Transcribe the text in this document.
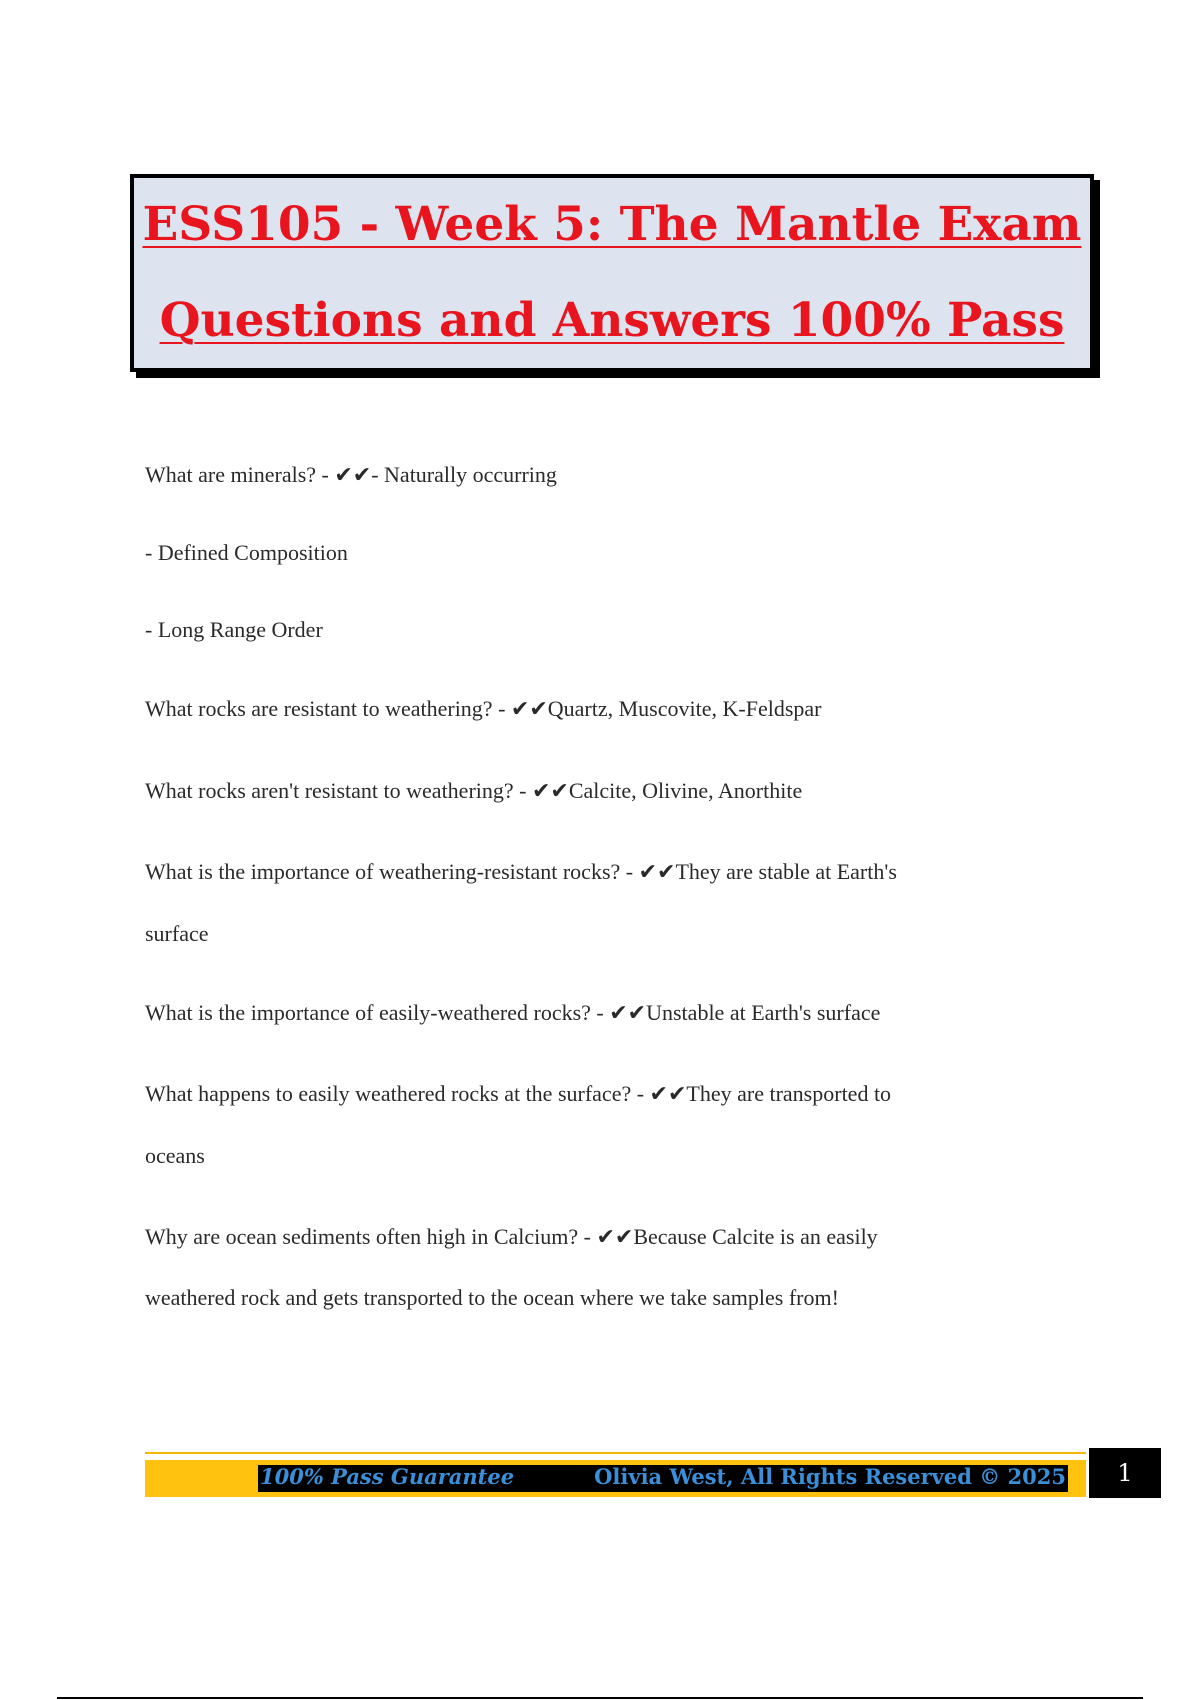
ESS105 - Week 5: The Mantle Exam
Questions and Answers 100% Pass
What are minerals? - ✔✔- Naturally occurring
- Defined Composition
- Long Range Order
What rocks are resistant to weathering? - ✔✔Quartz, Muscovite, K-Feldspar
What rocks aren't resistant to weathering? - ✔✔Calcite, Olivine, Anorthite
What is the importance of weathering-resistant rocks? - ✔✔They are stable at Earth's
surface
What is the importance of easily-weathered rocks? - ✔✔Unstable at Earth's surface
What happens to easily weathered rocks at the surface? - ✔✔They are transported to
oceans
Why are ocean sediments often high in Calcium? - ✔✔Because Calcite is an easily
weathered rock and gets transported to the ocean where we take samples from!
100% Pass Guarantee	Olivia West, All Rights Reserved © 2025	1
